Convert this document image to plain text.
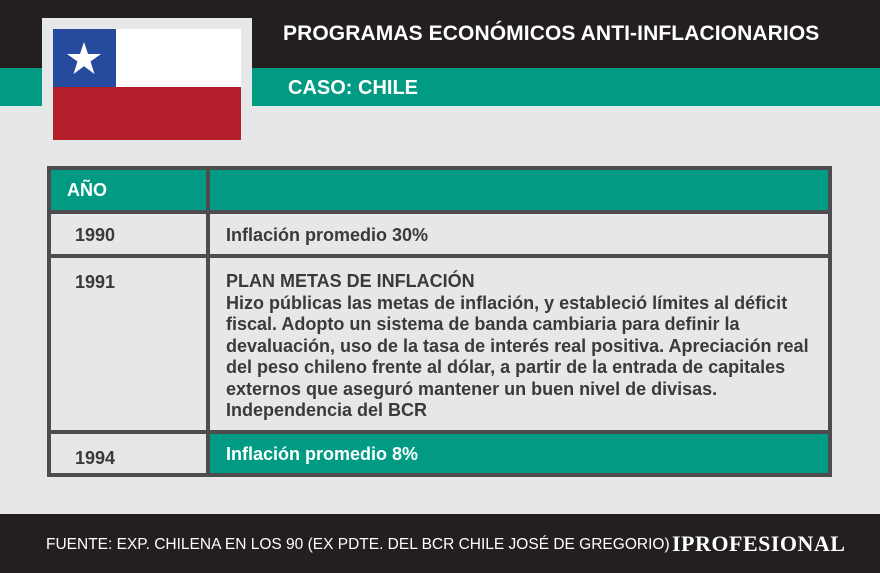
PROGRAMAS ECONÓMICOS ANTI-INFLACIONARIOS
CASO: CHILE
AÑO
1990	Inflación promedio 30%
1991	PLAN METAS DE INFLACIÓN
Hizo públicas las metas de inflación, y estableció límites al déficit fiscal. Adopto un sistema de banda cambiaria para definir la devaluación, uso de la tasa de interés real positiva. Apreciación real del peso chileno frente al dólar, a partir de la entrada de capitales externos que aseguró mantener un buen nivel de divisas. Independencia del BCR
1994	Inflación promedio 8%
FUENTE: EXP. CHILENA EN LOS 90 (EX PDTE. DEL BCR CHILE JOSÉ DE GREGORIO) IPROFESIONAL
